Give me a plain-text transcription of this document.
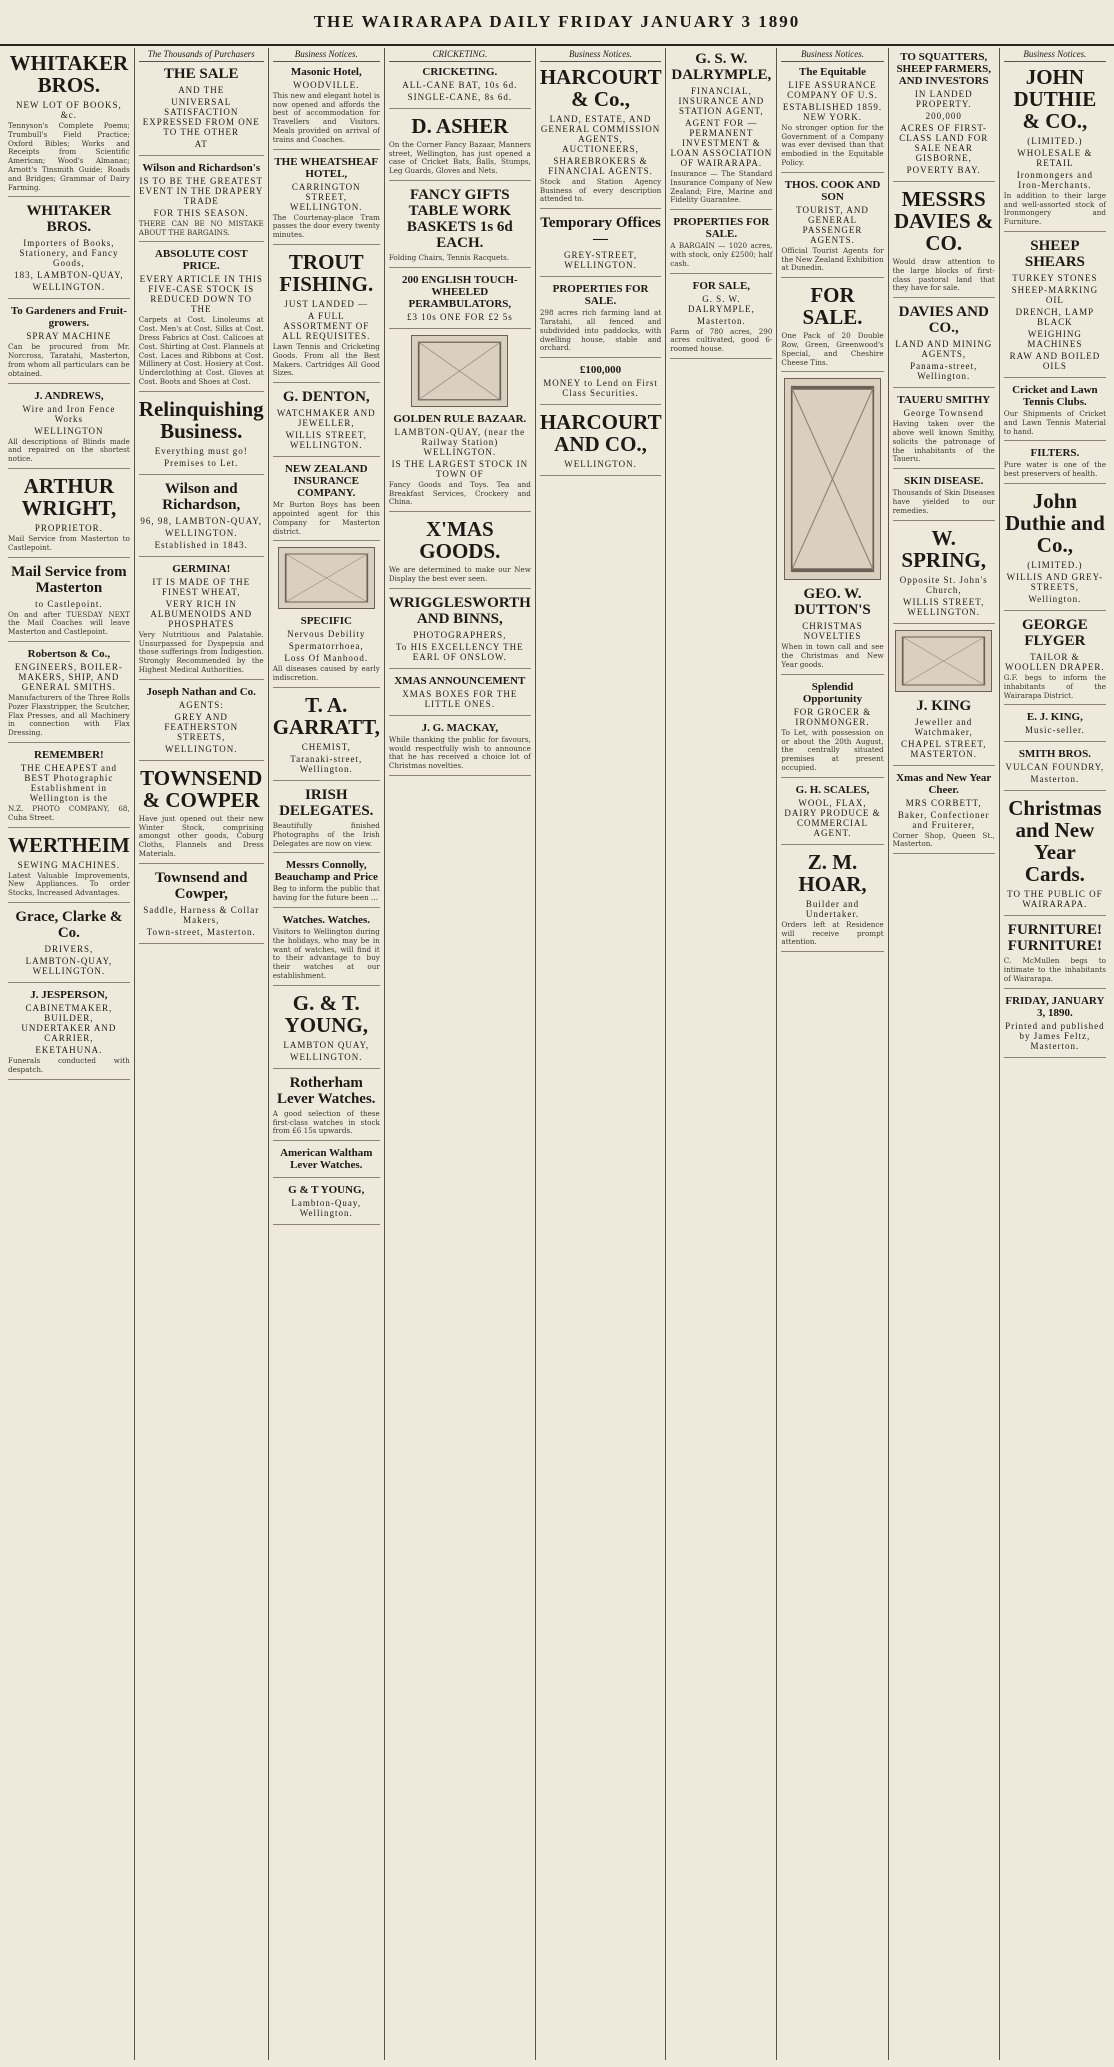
THE WAIRARAPA DAILY FRIDAY JANUARY 3 1890
WHITAKER BROS.
NEW LOT OF BOOKS, &c.
Tennyson's Complete Poems; Trumbull's Field Practice; Oxford Bibles; Works and Receipts from Scientific American; Wood's Almanac; Arnott's Tinsmith Guide; Roads and Bridges; Grammar of Dairy Farming.
WHITAKER BROS.
Importers of Books, Stationery, and Fancy Goods,
183, LAMBTON-QUAY,
WELLINGTON.
To Gardeners and Fruit-growers.
SPRAY MACHINE
Can be procured from Mr. Norcross, Taratahi, Masterton, from whom all particulars can be obtained.
J. ANDREWS,
Wire and Iron Fence Works
WELLINGTON
All descriptions of Blinds made and repaired on the shortest notice.
ARTHUR WRIGHT,
PROPRIETOR.
Mail Service from Masterton to Castlepoint.
Mail Service from Masterton
to Castlepoint.
On and after TUESDAY NEXT the Mail Coaches will leave Masterton and Castlepoint.
Robertson & Co.,
ENGINEERS, BOILER-MAKERS, SHIP, AND GENERAL SMITHS.
Manufacturers of the Three Rolls Pozer Flaxstripper, the Scutcher, Flax Presses, and all Machinery in connection with Flax Dressing.
REMEMBER!
THE CHEAPEST and BEST Photographic Establishment in Wellington is the
N.Z. PHOTO COMPANY, 68, Cuba Street.
WERTHEIM
SEWING MACHINES.
Latest Valuable Improvements, New Appliances. To order Stocks, Increased Advantages.
Grace, Clarke & Co.
DRIVERS,
LAMBTON-QUAY, WELLINGTON.
J. JESPERSON,
CABINETMAKER, BUILDER, UNDERTAKER AND CARRIER,
EKETAHUNA.
Funerals conducted with despatch.
The Thousands of Purchasers
THE SALE
AND THE
UNIVERSAL SATISFACTION EXPRESSED FROM ONE TO THE OTHER
AT
Wilson and Richardson's
IS TO BE THE GREATEST EVENT IN THE DRAPERY TRADE
FOR THIS SEASON.
THERE CAN BE NO MISTAKE ABOUT THE BARGAINS.
ABSOLUTE COST PRICE.
EVERY ARTICLE IN THIS FIVE-CASE STOCK IS REDUCED DOWN TO THE
Carpets at Cost. Linoleums at Cost. Men's at Cost. Silks at Cost. Dress Fabrics at Cost. Calicoes at Cost. Shirting at Cost. Flannels at Cost. Laces and Ribbons at Cost. Millinery at Cost. Hosiery at Cost. Underclothing at Cost. Gloves at Cost. Boots and Shoes at Cost.
Relinquishing Business.
Everything must go!
Premises to Let.
Wilson and Richardson,
96, 98, LAMBTON-QUAY,
WELLINGTON.
Established in 1843.
GERMINA!
IT IS MADE OF THE FINEST WHEAT,
VERY RICH IN ALBUMENOIDS AND PHOSPHATES
Very Nutritious and Palatable. Unsurpassed for Dyspepsia and those sufferings from Indigestion. Strongly Recommended by the Highest Medical Authorities.
Joseph Nathan and Co.
AGENTS:
GREY AND FEATHERSTON STREETS,
WELLINGTON.
TOWNSEND & COWPER
Have just opened out their new Winter Stock, comprising amongst other goods, Coburg Cloths, Flannels and Dress Materials.
Townsend and Cowper,
Saddle, Harness & Collar Makers,
Town-street, Masterton.
Business Notices.
Masonic Hotel,
WOODVILLE.
This new and elegant hotel is now opened and affords the best of accommodation for Travellers and Visitors. Meals provided on arrival of trains and Coaches.
THE WHEATSHEAF HOTEL,
CARRINGTON STREET, WELLINGTON.
The Courtenay-place Tram passes the door every twenty minutes.
TROUT FISHING.
JUST LANDED —
A FULL ASSORTMENT OF ALL REQUISITES.
Lawn Tennis and Cricketing Goods. From all the Best Makers. Cartridges All Good Sizes.
G. DENTON,
WATCHMAKER AND JEWELLER,
WILLIS STREET, WELLINGTON.
NEW ZEALAND INSURANCE COMPANY.
Mr Burton Boys has been appointed agent for this Company for Masterton district.
SPECIFIC
Nervous Debility
Spermatorrhoea,
Loss Of Manhood.
All diseases caused by early indiscretion.
T. A. GARRATT,
CHEMIST,
Taranaki-street, Wellington.
IRISH DELEGATES.
Beautifully finished Photographs of the Irish Delegates are now on view.
Messrs Connolly, Beauchamp and Price
Beg to inform the public that having for the future been ...
Watches. Watches.
Visitors to Wellington during the holidays, who may be in want of watches, will find it to their advantage to buy their watches at our establishment.
G. & T. YOUNG,
LAMBTON QUAY,
WELLINGTON.
Rotherham Lever Watches.
A good selection of these first-class watches in stock from £6 15s upwards.
American Waltham Lever Watches.
G & T YOUNG,
Lambton-Quay, Wellington.
CRICKETING.
CRICKETING.
ALL-CANE BAT, 10s 6d.
SINGLE-CANE, 8s 6d.
D. ASHER
On the Corner Fancy Bazaar, Manners street, Wellington, has just opened a case of Cricket Bats, Balls, Stumps, Leg Guards, Gloves and Nets.
FANCY GIFTS TABLE WORK BASKETS 1s 6d EACH.
Folding Chairs, Tennis Racquets.
200 ENGLISH TOUCH-WHEELED PERAMBULATORS,
£3 10s ONE FOR £2 5s
GOLDEN RULE BAZAAR.
LAMBTON-QUAY, (near the Railway Station) WELLINGTON.
IS THE LARGEST STOCK IN TOWN OF
Fancy Goods and Toys. Tea and Breakfast Services, Crockery and China.
X'MAS GOODS.
We are determined to make our New Display the best ever seen.
WRIGGLESWORTH AND BINNS,
PHOTOGRAPHERS,
To HIS EXCELLENCY THE EARL OF ONSLOW.
XMAS ANNOUNCEMENT
XMAS BOXES FOR THE LITTLE ONES.
J. G. MACKAY,
While thanking the public for favours, would respectfully wish to announce that he has received a choice lot of Christmas novelties.
Business Notices.
HARCOURT & Co.,
LAND, ESTATE, AND GENERAL COMMISSION AGENTS, AUCTIONEERS,
SHAREBROKERS & FINANCIAL AGENTS.
Stock and Station Agency Business of every description attended to.
Temporary Offices —
GREY-STREET, WELLINGTON.
PROPERTIES FOR SALE.
298 acres rich farming land at Taratahi, all fenced and subdivided into paddocks, with dwelling house, stable and orchard.
£100,000
MONEY to Lend on First Class Securities.
HARCOURT AND CO.,
WELLINGTON.
G. S. W. DALRYMPLE,
FINANCIAL, INSURANCE AND STATION AGENT,
AGENT FOR — PERMANENT INVESTMENT & LOAN ASSOCIATION OF WAIRARAPA.
Insurance — The Standard Insurance Company of New Zealand; Fire, Marine and Fidelity Guarantee.
PROPERTIES FOR SALE.
A BARGAIN — 1020 acres, with stock, only £2500; half cash.
FOR SALE,
G. S. W. DALRYMPLE,
Masterton.
Farm of 780 acres, 290 acres cultivated, good 6-roomed house.
Business Notices.
The Equitable
LIFE ASSURANCE COMPANY OF U.S.
ESTABLISHED 1859. NEW YORK.
No stronger option for the Government of a Company was ever devised than that embodied in the Equitable Policy.
THOS. COOK AND SON
TOURIST, AND GENERAL PASSENGER AGENTS.
Official Tourist Agents for the New Zealand Exhibition at Dunedin.
FOR SALE.
One Pack of 20 Double Row, Green, Greenwood's Special, and Cheshire Cheese Tins.
GEO. W. DUTTON'S
CHRISTMAS NOVELTIES
When in town call and see the Christmas and New Year goods.
Splendid Opportunity
FOR GROCER & IRONMONGER.
To Let, with possession on or about the 20th August, the centrally situated premises at present occupied.
G. H. SCALES,
WOOL, FLAX, DAIRY PRODUCE & COMMERCIAL AGENT.
Z. M. HOAR,
Builder and Undertaker.
Orders left at Residence will receive prompt attention.
TO SQUATTERS, SHEEP FARMERS, AND INVESTORS
IN LANDED PROPERTY.
200,000
ACRES OF FIRST-CLASS LAND FOR SALE NEAR GISBORNE,
POVERTY BAY.
MESSRS DAVIES & CO.
Would draw attention to the large blocks of first-class pastoral land that they have for sale.
DAVIES AND CO.,
LAND AND MINING AGENTS,
Panama-street, Wellington.
TAUERU SMITHY
George Townsend
Having taken over the above well known Smithy, solicits the patronage of the inhabitants of the Taueru.
SKIN DISEASE.
Thousands of Skin Diseases have yielded to our remedies.
W. SPRING,
Opposite St. John's Church,
WILLIS STREET, WELLINGTON.
J. KING
Jeweller and Watchmaker,
CHAPEL STREET, MASTERTON.
Xmas and New Year Cheer.
MRS CORBETT,
Baker, Confectioner and Fruiterer,
Corner Shop, Queen St., Masterton.
Business Notices.
JOHN DUTHIE & CO.,
(LIMITED.)
WHOLESALE & RETAIL
Ironmongers and Iron-Merchants.
In addition to their large and well-assorted stock of Ironmongery and Furniture.
SHEEP SHEARS
TURKEY STONES
SHEEP-MARKING OIL
DRENCH, LAMP BLACK
WEIGHING MACHINES
RAW AND BOILED OILS
Cricket and Lawn Tennis Clubs.
Our Shipments of Cricket and Lawn Tennis Material to hand.
FILTERS.
Pure water is one of the best preservers of health.
John Duthie and Co.,
(LIMITED.)
WILLIS AND GREY-STREETS,
Wellington.
GEORGE FLYGER
TAILOR & WOOLLEN DRAPER.
G.F. begs to inform the inhabitants of the Wairarapa District.
E. J. KING,
Music-seller.
SMITH BROS.
VULCAN FOUNDRY,
Masterton.
Christmas and New Year Cards.
TO THE PUBLIC OF WAIRARAPA.
FURNITURE! FURNITURE!
C. McMullen begs to intimate to the inhabitants of Wairarapa.
FRIDAY, JANUARY 3, 1890.
Printed and published by James Feltz, Masterton.
